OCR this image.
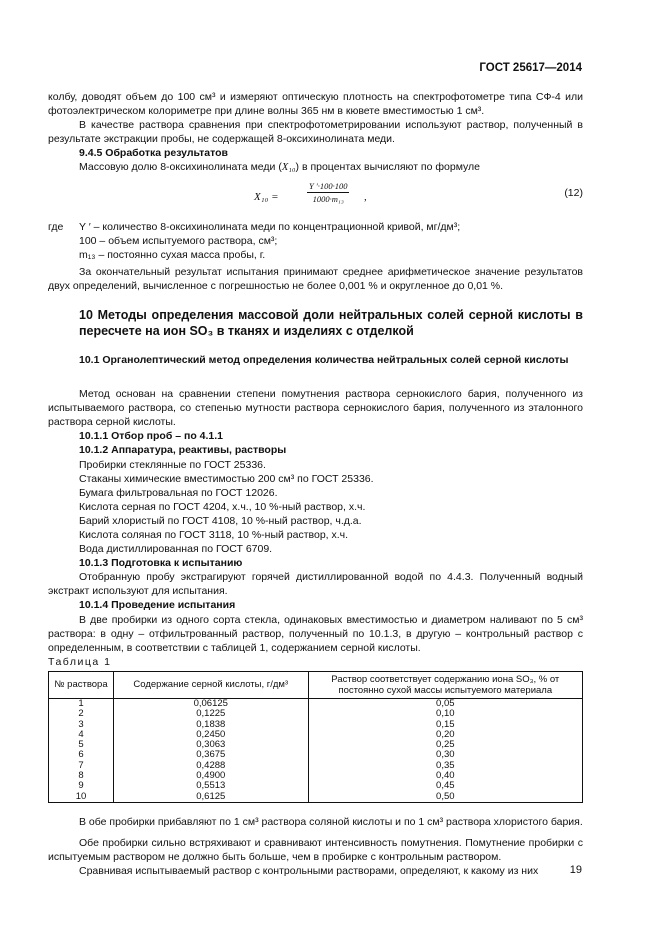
ГОСТ 25617—2014

колбу, доводят объем до 100 см³ и измеряют оптическую плотность на спектрофотометре типа СФ-4 или фотоэлектрическом колориметре при длине волны 365 нм в кювете вместимостью 1 см³.

В качестве раствора сравнения при спектрофотометрировании используют раствор, полученный в результате экстракции пробы, не содержащей 8-оксихинолината меди.

9.4.5 Обработка результатов

Массовую долю 8-оксихинолината меди (X₁₀) в процентах вычисляют по формуле

X₁₀ =	$\frac{Y '\cdot 100\cdot 100}{\text{1000·m₁₃}}$ ,	(12)
где Y ′ – количество 8-оксихинолината меди по концентрационной кривой, мг/дм³;
100 – объем испытуемого раствора, см³;
m₁₃ – постоянно сухая масса пробы, г.

За окончательный результат испытания принимают среднее арифметическое значение результатов двух определений, вычисленное с погрешностью не более 0,001 % и округленное до 0,01 %.

10 Методы определения массовой доли нейтральных солей серной кислоты в пересчете на ион SO₃ в тканях и изделиях с отделкой
10.1 Органолептический метод определения количества нейтральных солей серной кислоты

Метод основан на сравнении степени помутнения раствора сернокислого бария, полученного из испытываемого раствора, со степенью мутности раствора сернокислого бария, полученного из эталонного раствора серной кислоты.

10.1.1 Отбор проб – по 4.1.1

10.1.2 Аппаратура, реактивы, растворы

Пробирки стеклянные по ГОСТ 25336.

Стаканы химические вместимостью 200 см³ по ГОСТ 25336.

Бумага фильтровальная по ГОСТ 12026.

Кислота серная по ГОСТ 4204, х.ч., 10 %-ный раствор, х.ч.

Барий хлористый по ГОСТ 4108, 10 %-ный раствор, ч.д.а.

Кислота соляная по ГОСТ 3118, 10 %-ный раствор, х.ч.

Вода дистиллированная по ГОСТ 6709.

10.1.3 Подготовка к испытанию

Отобранную пробу экстрагируют горячей дистиллированной водой по 4.4.3. Полученный водный экстракт используют для испытания.

10.1.4 Проведение испытания

В две пробирки из одного сорта стекла, одинаковых вместимостью и диаметром наливают по 5 см³ раствора: в одну – отфильтрованный раствор, полученный по 10.1.3, в другую – контрольный раствор с определенным, в соответствии с таблицей 1, содержанием серной кислоты.

Таблица 1

№ раствора	Содержание серной кислоты, г/дм³	Раствор соответствует содержанию иона SO₃, % от постоянно сухой массы испытуемого материала
1	0,06125	0,05
2	0,1225	0,10
3	0,1838	0,15
4	0,2450	0,20
5	0,3063	0,25
6	0,3675	0,30
7	0,4288	0,35
8	0,4900	0,40
9	0,5513	0,45
10	0,6125	0,50

В обе пробирки прибавляют по 1 см³ раствора соляной кислоты и по 1 см³ раствора хлористого бария.

Обе пробирки сильно встряхивают и сравнивают интенсивность помутнения. Помутнение пробирки с испытуемым раствором не должно быть больше, чем в пробирке с контрольным раствором.

Сравнивая испытываемый раствор с контрольными растворами, определяют, к какому из них	19
